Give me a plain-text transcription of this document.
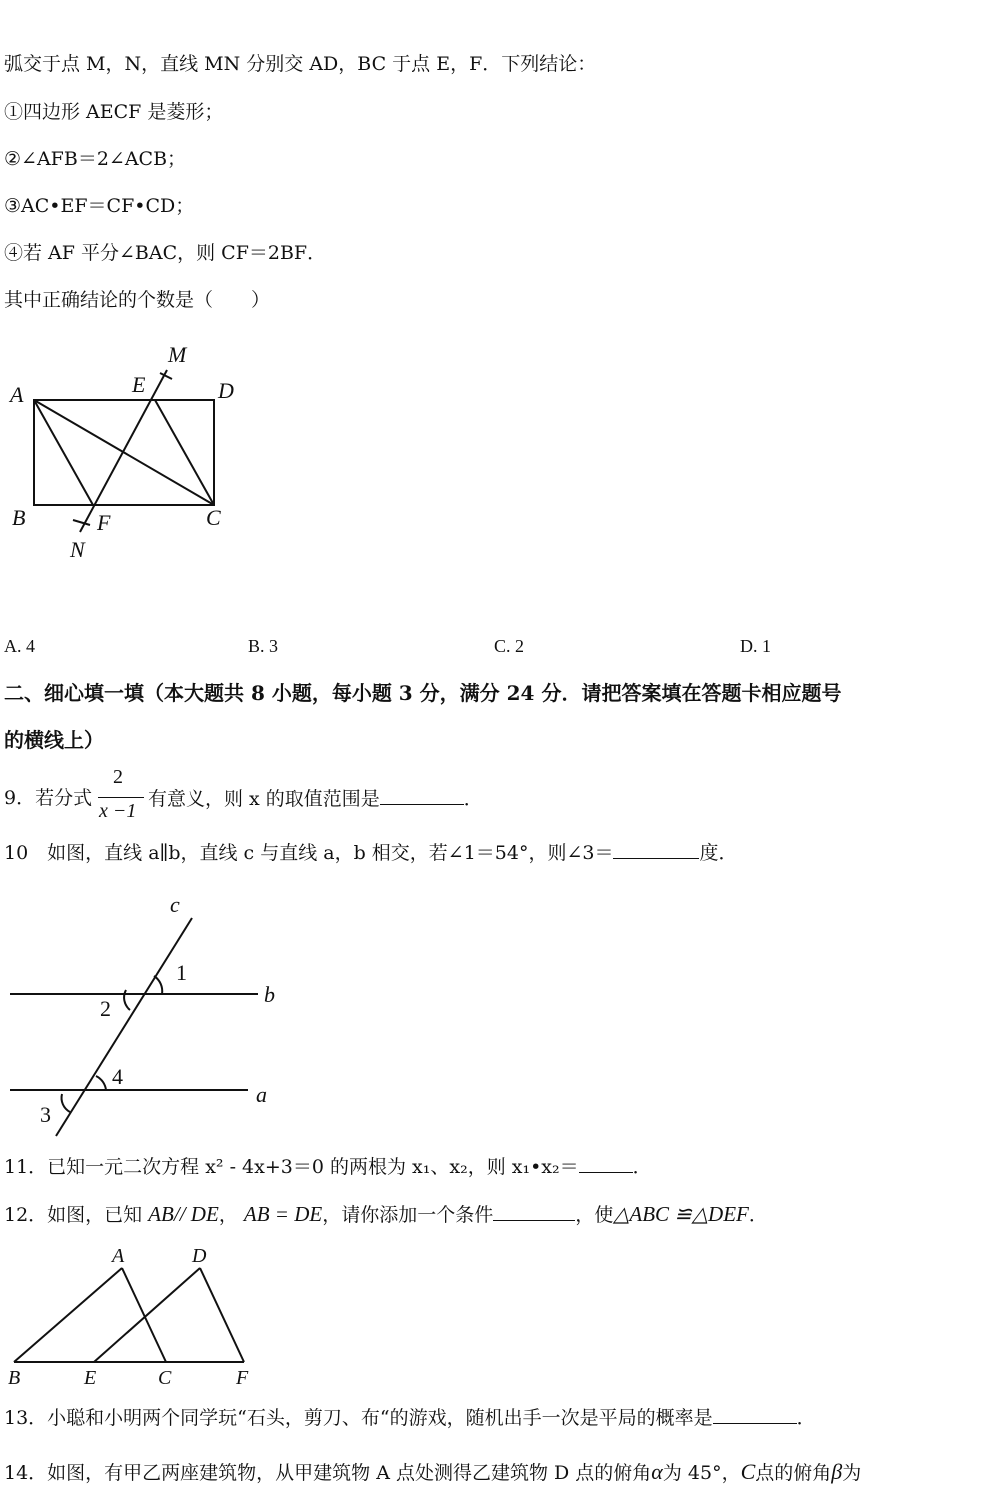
弧交于点 M，N，直线 MN 分别交 AD，BC 于点 E，F．下列结论：
①四边形 AECF 是菱形；
②∠AFB＝2∠ACB；
③AC•EF＝CF•CD；
④若 AF 平分∠BAC，则 CF＝2BF．
其中正确结论的个数是（　　）
M
E	D
A
B	F	C
N
A. 4	B. 3	C. 2	D. 1
二、细心填一填（本大题共 8 小题，每小题 3 分，满分 24 分．请把答案填在答题卡相应题号
的横线上）
9．若分式
2
x −1
有意义，则 x 的取值范围是	．
10　如图，直线 a∥b，直线 c 与直线 a，b 相交，若∠1＝54°，则∠3＝	度．
c
1
b
2
4
a
3
11．已知一元二次方程 x² - 4x+3＝0 的两根为 x₁、x₂，则 x₁•x₂＝	．
12．如图，已知 AB// DE， AB = DE，请你添加一个条件	，使△ABC ≌△DEF．
A	D
B	E	C	F
13．小聪和小明两个同学玩“石头，剪刀、布“的游戏，随机出手一次是平局的概率是	．
14．如图，有甲乙两座建筑物，从甲建筑物 A 点处测得乙建筑物 D 点的俯角α为 45°，C点的俯角β为
